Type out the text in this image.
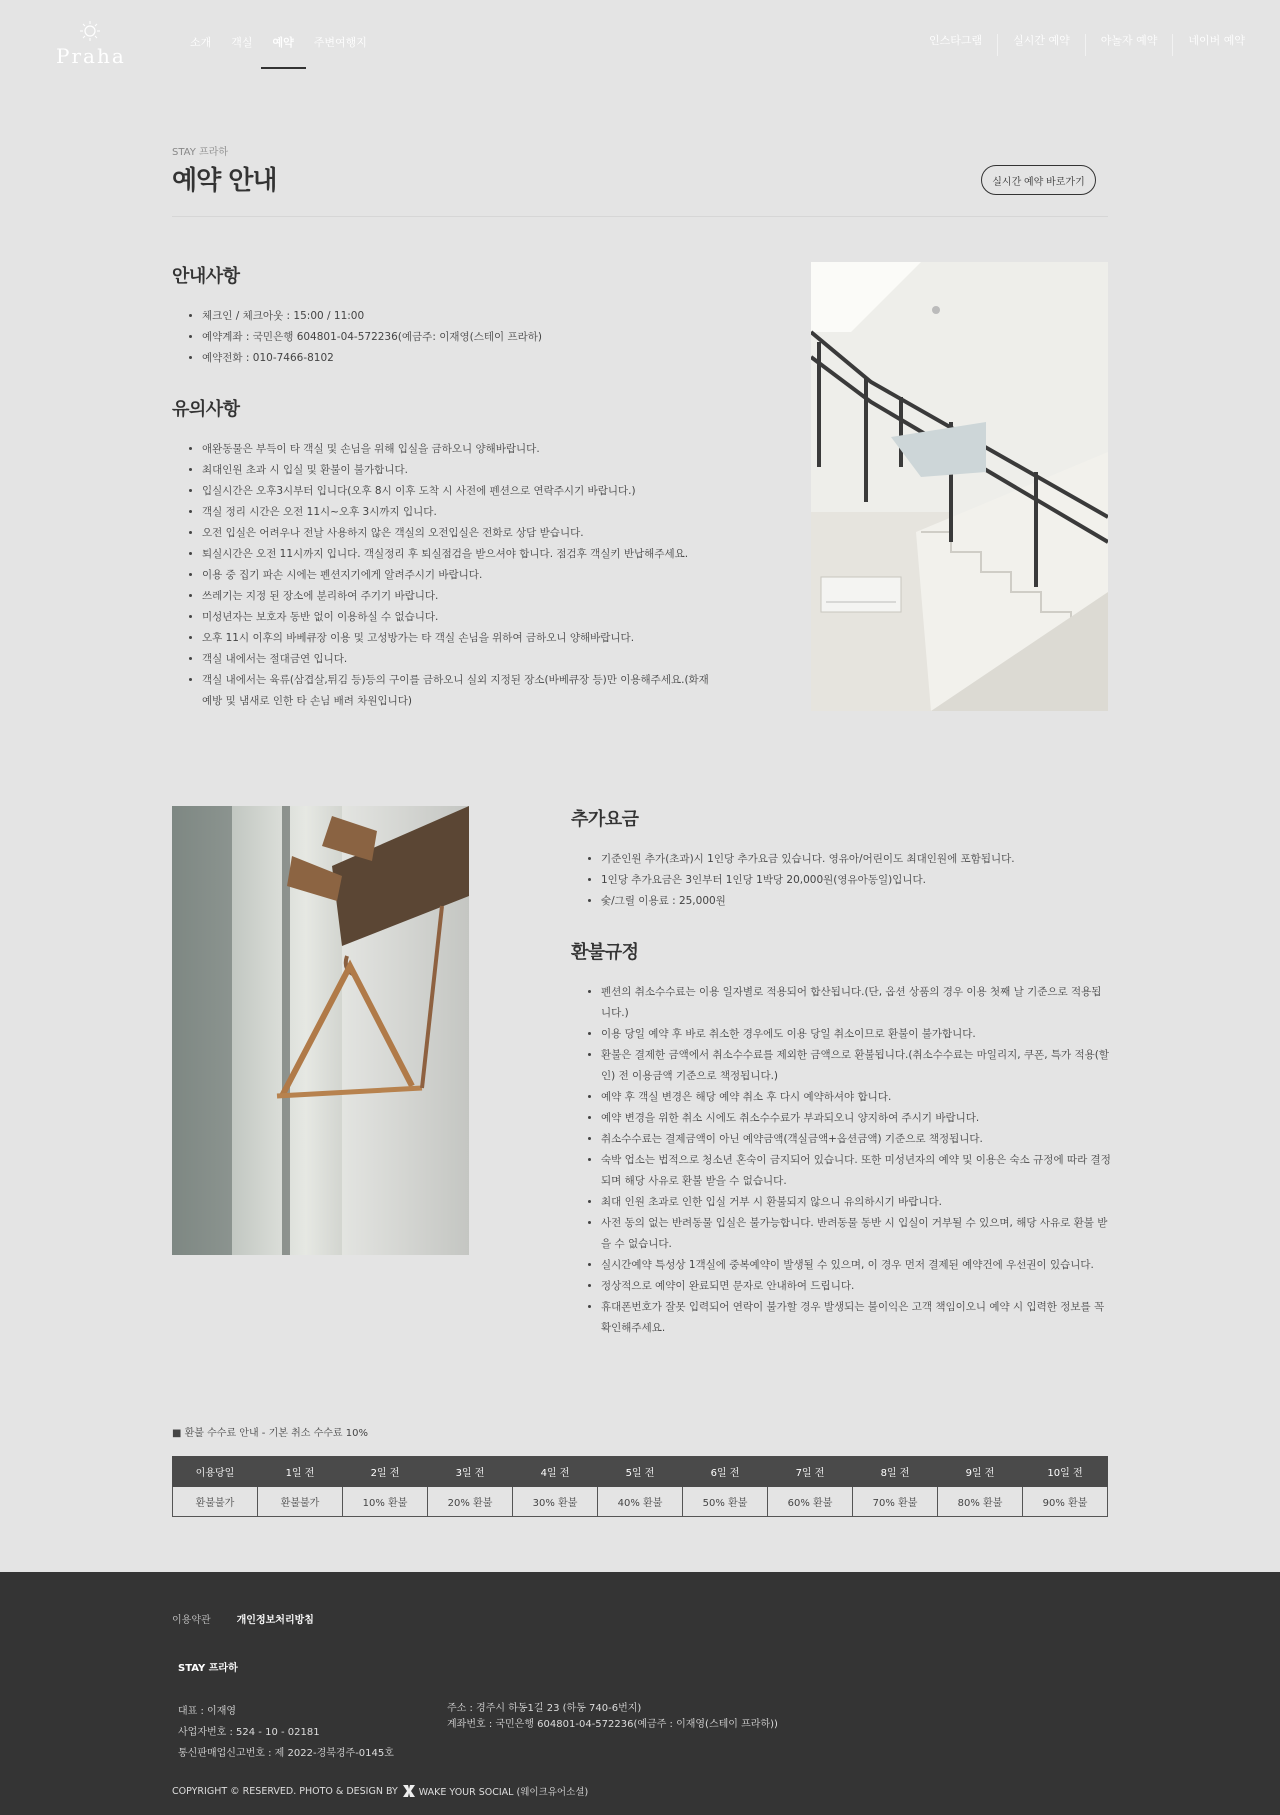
Praha
소개	객실	예약	주변여행지	인스타그램	실시간 예약	야놀자 예약	네이버 예약
STAY 프라하
예약 안내	실시간 예약 바로가기
안내사항
• 체크인 / 체크아웃 : 15:00 / 11:00
• 예약계좌 : 국민은행 604801-04-572236(예금주: 이재영(스테이 프라하)
• 예약전화 : 010-7466-8102
유의사항
• 애완동물은 부득이 타 객실 및 손님을 위해 입실을 금하오니 양해바랍니다.
• 최대인원 초과 시 입실 및 환불이 불가합니다.
• 입실시간은 오후3시부터 입니다(오후 8시 이후 도착 시 사전에 펜션으로 연락주시기 바랍니다.)
• 객실 정리 시간은 오전 11시~오후 3시까지 입니다.
• 오전 입실은 어려우나 전날 사용하지 않은 객실의 오전입실은 전화로 상담 받습니다.
• 퇴실시간은 오전 11시까지 입니다. 객실정리 후 퇴실점검을 받으셔야 합니다. 점검후 객실키 반납해주세요.
• 이용 중 집기 파손 시에는 펜션지기에게 알려주시기 바랍니다.
• 쓰레기는 지정 된 장소에 분리하여 주기기 바랍니다.
• 미성년자는 보호자 동반 없이 이용하실 수 없습니다.
• 오후 11시 이후의 바베큐장 이용 및 고성방가는 타 객실 손님을 위하여 금하오니 양해바랍니다.
• 객실 내에서는 절대금연 입니다.
• 객실 내에서는 육류(삼겹살,튀김 등)등의 구이를 금하오니 실외 지정된 장소(바베큐장 등)만 이용해주세요.(화재예방 및 냄새로 인한 타 손님 배려 차원입니다)
추가요금
• 기준인원 추가(초과)시 1인당 추가요금 있습니다. 영유아/어린이도 최대인원에 포함됩니다.
• 1인당 추가요금은 3인부터 1인당 1박당 20,000원(영유아동일)입니다.
• 숯/그릴 이용료 : 25,000원
환불규정
• 펜션의 취소수수료는 이용 일자별로 적용되어 합산됩니다.(단, 옵션 상품의 경우 이용 첫째 날 기준으로 적용됩니다.)
• 이용 당일 예약 후 바로 취소한 경우에도 이용 당일 취소이므로 환불이 불가합니다.
• 환불은 결제한 금액에서 취소수수료를 제외한 금액으로 환불됩니다.(취소수수료는 마일리지, 쿠폰, 특가 적용(할인) 전 이용금액 기준으로 책정됩니다.)
• 예약 후 객실 변경은 해당 예약 취소 후 다시 예약하셔야 합니다.
• 예약 변경을 위한 취소 시에도 취소수수료가 부과되오니 양지하여 주시기 바랍니다.
• 취소수수료는 결제금액이 아닌 예약금액(객실금액+옵션금액) 기준으로 책정됩니다.
• 숙박 업소는 법적으로 청소년 혼숙이 금지되어 있습니다. 또한 미성년자의 예약 및 이용은 숙소 규정에 따라 결정되며 해당 사유로 환불 받을 수 없습니다.
• 최대 인원 초과로 인한 입실 거부 시 환불되지 않으니 유의하시기 바랍니다.
• 사전 동의 없는 반려동물 입실은 불가능합니다. 반려동물 동반 시 입실이 거부될 수 있으며, 해당 사유로 환불 받을 수 없습니다.
• 실시간예약 특성상 1객실에 중복예약이 발생될 수 있으며, 이 경우 먼저 결제된 예약건에 우선권이 있습니다.
• 정상적으로 예약이 완료되면 문자로 안내하여 드립니다.
• 휴대폰번호가 잘못 입력되어 연락이 불가할 경우 발생되는 불이익은 고객 책임이오니 예약 시 입력한 정보를 꼭 확인해주세요.
■ 환불 수수료 안내 - 기본 취소 수수료 10%
이용당일	1일 전	2일 전	3일 전	4일 전	5일 전	6일 전	7일 전	8일 전	9일 전	10일 전
환불불가	환불불가	10% 환불	20% 환불	30% 환불	40% 환불	50% 환불	60% 환불	70% 환불	80% 환불	90% 환불
이용약관	개인정보처리방침
STAY 프라하
대표 : 이재영
사업자번호 : 524 - 10 - 02181
통신판매업신고번호 : 제 2022-경북경주-0145호
주소 : 경주시 하동1길 23 (하동 740-6번지)
계좌번호 : 국민은행 604801-04-572236(예금주 : 이재영(스테이 프라하))
COPYRIGHT © RESERVED. PHOTO & DESIGN BY WAKE YOUR SOCIAL (웨이크유어소셜)
